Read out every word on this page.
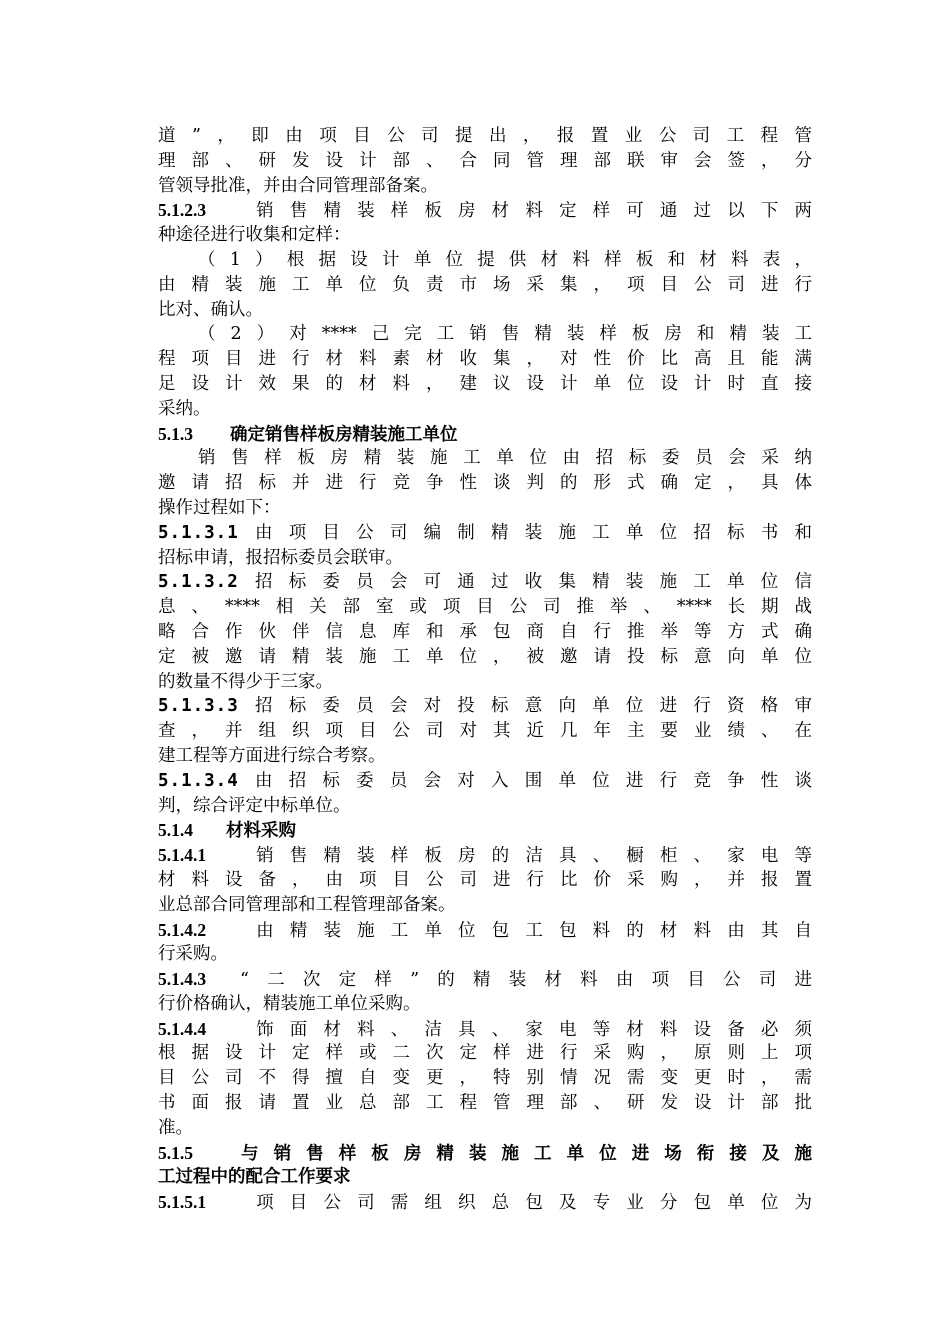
道​”​，​即​由​项​目​公​司​提​出​，​报​置​业​公​司​工​程​管
理​部​、​研​发​设​计​部​、​合​同​管​理​部​联​审​会​签​，​分
管​领​导​批​准​，​并​由​合​同​管​理​部​备​案​。
5.1.2.3 销​售​精​装​样​板​房​材​料​定​样​可​通​过​以​下​两
种​途​径​进​行​收​集​和​定​样​：
（​1​）​根​据​设​计​单​位​提​供​材​料​样​板​和​材​料​表​，
由​精​装​施​工​单​位​负​责​市​场​采​集​，​项​目​公​司​进​行
比​对​、​确​认​。
（​2​）​对​*​*​*​*​己​完​工​销​售​精​装​样​板​房​和​精​装​工
程​项​目​进​行​材​料​素​材​收​集​，​对​性​价​比​高​且​能​满
足​设​计​效​果​的​材​料​，​建​议​设​计​单​位​设​计​时​直​接
采​纳​。
5.1.3 确​定​销​售​样​板​房​精​装​施​工​单​位
销​售​样​板​房​精​装​施​工​单​位​由​招​标​委​员​会​采​纳
邀​请​招​标​并​进​行​竞​争​性​谈​判​的​形​式​确​定​，​具​体
操​作​过​程​如​下​：
5.1.3.1由​项​目​公​司​编​制​精​装​施​工​单​位​招​标​书​和
招​标​申​请​，​报​招​标​委​员​会​联​审​。
5.1.3.2招​标​委​员​会​可​通​过​收​集​精​装​施​工​单​位​信
息​、​*​*​*​*​相​关​部​室​或​项​目​公​司​推​举​、​*​*​*​*​长​期​战
略​合​作​伙​伴​信​息​库​和​承​包​商​自​行​推​举​等​方​式​确
定​被​邀​请​精​装​施​工​单​位​，​被​邀​请​投​标​意​向​单​位
的​数​量​不​得​少​于​三​家​。
5.1.3.3招​标​委​员​会​对​投​标​意​向​单​位​进​行​资​格​审
查​，​并​组​织​项​目​公​司​对​其​近​几​年​主​要​业​绩​、​在
建​工​程​等​方​面​进​行​综​合​考​察​。
5.1.3.4由​招​标​委​员​会​对​入​围​单​位​进​行​竞​争​性​谈
判​，​综​合​评​定​中​标​单​位​。
5.1.4 材​料​采​购
5.1.4.1 销​售​精​装​样​板​房​的​洁​具​、​橱​柜​、​家​电​等
材​料​设​备​，​由​项​目​公​司​进​行​比​价​采​购​，​并​报​置
业​总​部​合​同​管​理​部​和​工​程​管​理​部​备​案​。
5.1.4.2 由​精​装​施​工​单​位​包​工​包​料​的​材​料​由​其​自
行​采​购​。
5.1.4.3 “​二​次​定​样​”​的​精​装​材​料​由​项​目​公​司​进
行​价​格​确​认​，​精​装​施​工​单​位​采​购​。
5.1.4.4 饰​面​材​料​、​洁​具​、​家​电​等​材​料​设​备​必​须
根​据​设​计​定​样​或​二​次​定​样​进​行​采​购​，​原​则​上​项
目​公​司​不​得​擅​自​变​更​，​特​别​情​况​需​变​更​时​，​需
书​面​报​请​置​业​总​部​工​程​管​理​部​、​研​发​设​计​部​批
准​。
5.1.5 与​销​售​样​板​房​精​装​施​工​单​位​进​场​衔​接​及​施
工​过​程​中​的​配​合​工​作​要​求
5.1.5.1 项​目​公​司​需​组​织​总​包​及​专​业​分​包​单​位​为
